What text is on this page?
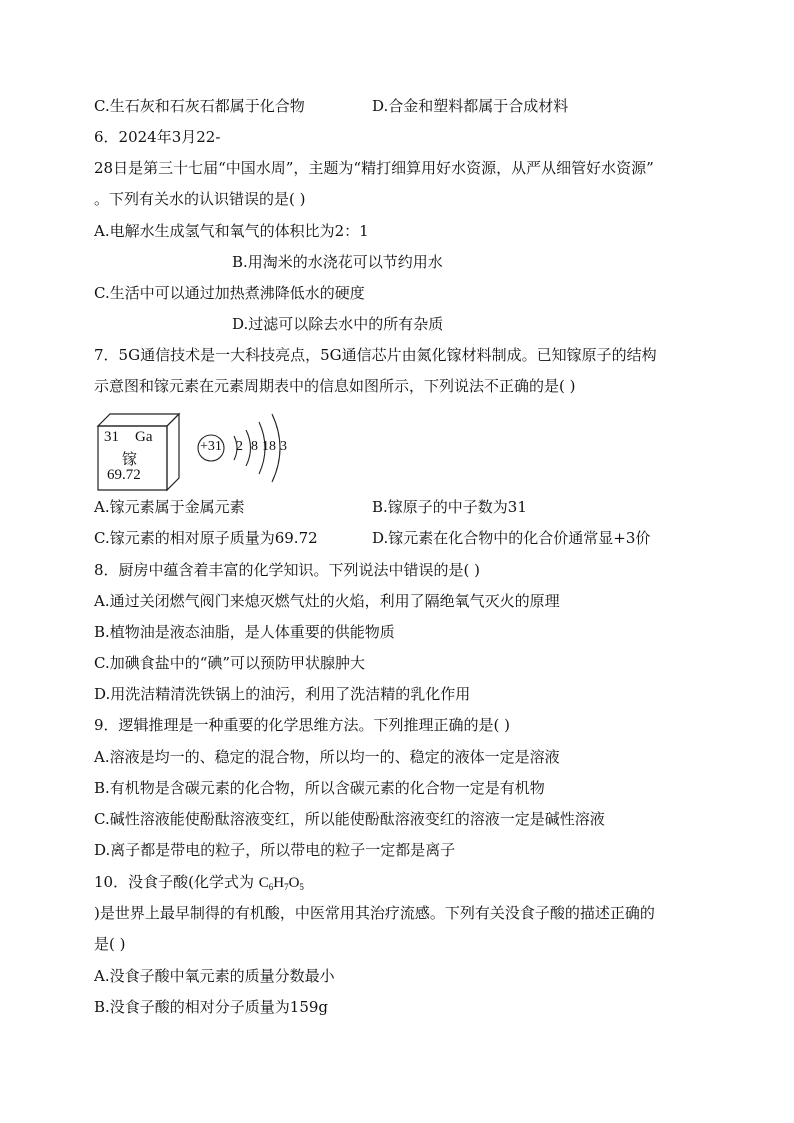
C.生石灰和石灰石都属于化合物	D.合金和塑料都属于合成材料
6．2024年3月22-
28日是第三十七届“中国水周”，主题为“精打细算用好水资源，从严从细管好水资源”
。下列有关水的认识错误的是( )
A.电解水生成氢气和氧气的体积比为2：1
B.用淘米的水浇花可以节约用水
C.生活中可以通过加热煮沸降低水的硬度
D.过滤可以除去水中的所有杂质
7．5G通信技术是一大科技亮点，5G通信芯片由氮化镓材料制成。已知镓原子的结构
示意图和镓元素在元素周期表中的信息如图所示，下列说法不正确的是( )
31 Ga
镓
69.72
+31 2 8 18 3
A.镓元素属于金属元素	B.镓原子的中子数为31
C.镓元素的相对原子质量为69.72	D.镓元素在化合物中的化合价通常显+3价
8．厨房中蕴含着丰富的化学知识。下列说法中错误的是( )
A.通过关闭燃气阀门来熄灭燃气灶的火焰，利用了隔绝氧气灭火的原理
B.植物油是液态油脂，是人体重要的供能物质
C.加碘食盐中的“碘”可以预防甲状腺肿大
D.用洗洁精清洗铁锅上的油污，利用了洗洁精的乳化作用
9．逻辑推理是一种重要的化学思维方法。下列推理正确的是( )
A.溶液是均一的、稳定的混合物，所以均一的、稳定的液体一定是溶液
B.有机物是含碳元素的化合物，所以含碳元素的化合物一定是有机物
C.碱性溶液能使酚酞溶液变红，所以能使酚酞溶液变红的溶液一定是碱性溶液
D.离子都是带电的粒子，所以带电的粒子一定都是离子
10．没食子酸(化学式为 $C_6H_7O_5$
)是世界上最早制得的有机酸，中医常用其治疗流感。下列有关没食子酸的描述正确的
是( )
A.没食子酸中氧元素的质量分数最小
B.没食子酸的相对分子质量为159g
